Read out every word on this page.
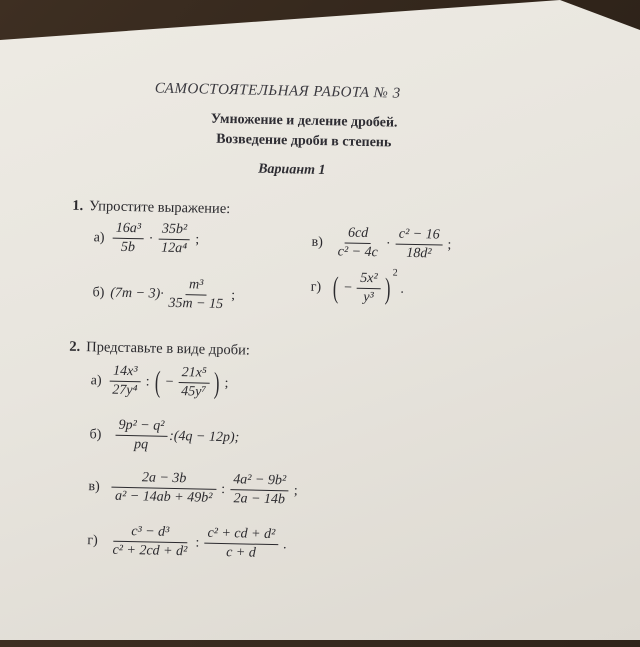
САМОСТОЯТЕЛЬНАЯ РАБОТА № 3
Умножение и деление дробей.
Возведение дроби в степень
Вариант 1
1. Упростите выражение:
$а) \frac{\text{16a³}}{5b} \cdot \frac{\text{35b²}}{\text{12a⁴}}$ ;	$в) \frac{6cd}{\text{c² − 4c}} \cdot \frac{\text{c² − 16}}{\text{18d²}}$ ;
б) $(7m - 3)\cdot \frac{\text{m³}}{35m - 15}$ ;
г) ( − $\frac{\text{5x²}}{\text{y³}}$ ) 2
.
2. Представьте в виде дроби:
$а) \frac{\text{14x³}}{\text{27y⁴}}$ : ( − $\frac{\text{21x⁵}}{\text{45y⁷}}$ ) ;
$б) \frac{\text{9p² − q²}}{pq}$ :(4q − 12p);
$в) \frac{2a - 3b}{\text{a² − 14ab + 49b²}}$ : $\frac{\text{4a² − 9b²}}{2a - 14b}$ ;
$г) \frac{\text{c³ − d³}}{\text{c² + 2cd + d²}}$ : $\frac{\text{c² + cd + d²}}{c + d}$ .
